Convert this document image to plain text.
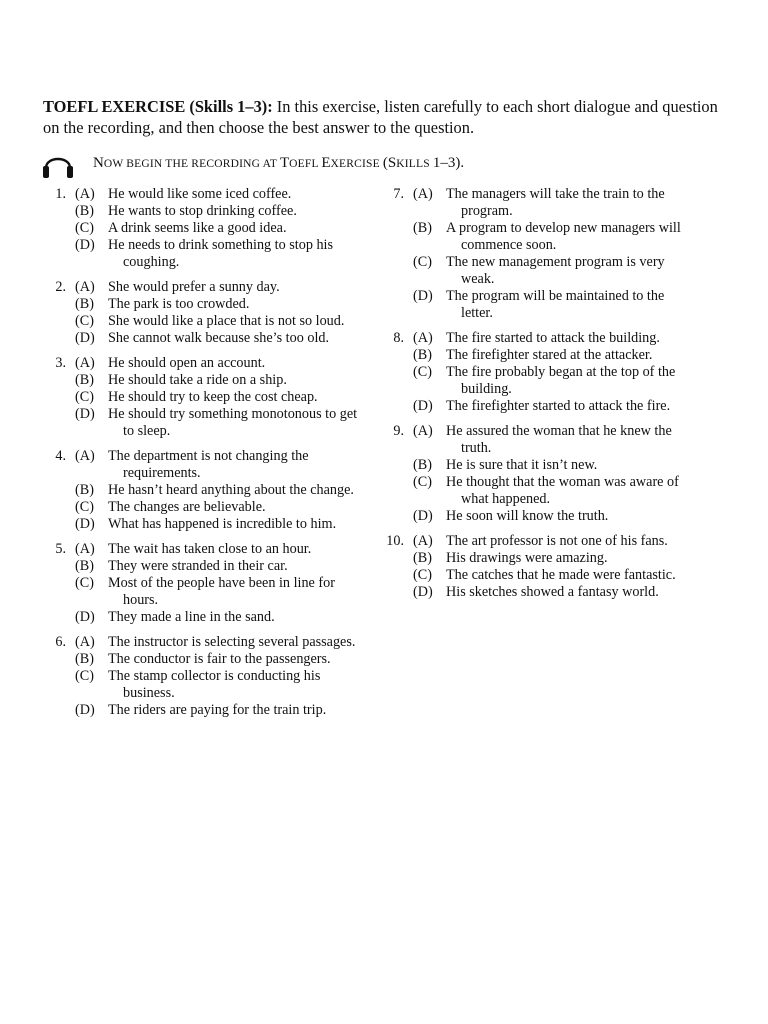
TOEFL EXERCISE (Skills 1–3): In this exercise, listen carefully to each short dialogue and question on the recording, and then choose the best answer to the question.
NOW BEGIN THE RECORDING AT TOEFL EXERCISE (SKILLS 1–3).
1. (A) He would like some iced coffee.
(B) He wants to stop drinking coffee.
(C) A drink seems like a good idea.
(D) He needs to drink something to stop his coughing.
2. (A) She would prefer a sunny day.
(B) The park is too crowded.
(C) She would like a place that is not so loud.
(D) She cannot walk because she’s too old.
3. (A) He should open an account.
(B) He should take a ride on a ship.
(C) He should try to keep the cost cheap.
(D) He should try something monotonous to get to sleep.
4. (A) The department is not changing the requirements.
(B) He hasn’t heard anything about the change.
(C) The changes are believable.
(D) What has happened is incredible to him.
5. (A) The wait has taken close to an hour.
(B) They were stranded in their car.
(C) Most of the people have been in line for hours.
(D) They made a line in the sand.
6. (A) The instructor is selecting several passages.
(B) The conductor is fair to the passengers.
(C) The stamp collector is conducting his business.
(D) The riders are paying for the train trip.
7. (A) The managers will take the train to the program.
(B) A program to develop new managers will commence soon.
(C) The new management program is very weak.
(D) The program will be maintained to the letter.
8. (A) The fire started to attack the building.
(B) The firefighter stared at the attacker.
(C) The fire probably began at the top of the building.
(D) The firefighter started to attack the fire.
9. (A) He assured the woman that he knew the truth.
(B) He is sure that it isn’t new.
(C) He thought that the woman was aware of what happened.
(D) He soon will know the truth.
10. (A) The art professor is not one of his fans.
(B) His drawings were amazing.
(C) The catches that he made were fantastic.
(D) His sketches showed a fantasy world.
